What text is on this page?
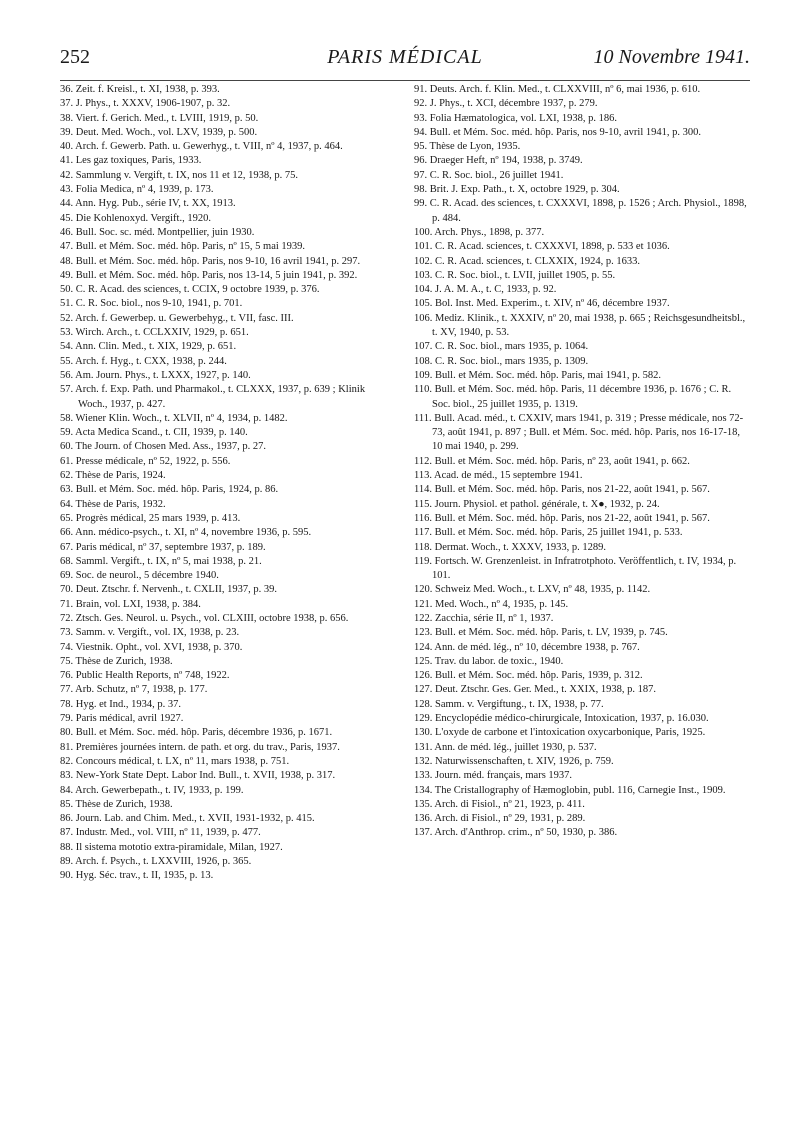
252	PARIS MÉDICAL	10 Novembre 1941.

36. Zeit. f. Kreisl., t. XI, 1938, p. 393.

37. J. Phys., t. XXXV, 1906-1907, p. 32.

38. Viert. f. Gerich. Med., t. LVIII, 1919, p. 50.

39. Deut. Med. Woch., vol. LXV, 1939, p. 500.

40. Arch. f. Gewerb. Path. u. Gewerhyg., t. VIII, nº 4, 1937, p. 464.

41. Les gaz toxiques, Paris, 1933.

42. Sammlung v. Vergift, t. IX, nos 11 et 12, 1938, p. 75.

43. Folia Medica, nº 4, 1939, p. 173.

44. Ann. Hyg. Pub., série IV, t. XX, 1913.

45. Die Kohlenoxyd. Vergift., 1920.

46. Bull. Soc. sc. méd. Montpellier, juin 1930.

47. Bull. et Mém. Soc. méd. hôp. Paris, nº 15, 5 mai 1939.

48. Bull. et Mém. Soc. méd. hôp. Paris, nos 9-10, 16 avril 1941, p. 297.

49. Bull. et Mém. Soc. méd. hôp. Paris, nos 13-14, 5 juin 1941, p. 392.

50. C. R. Acad. des sciences, t. CCIX, 9 octobre 1939, p. 376.

51. C. R. Soc. biol., nos 9-10, 1941, p. 701.

52. Arch. f. Gewerbep. u. Gewerbehyg., t. VII, fasc. III.

53. Wirch. Arch., t. CCLXXIV, 1929, p. 651.

54. Ann. Clin. Med., t. XIX, 1929, p. 651.

55. Arch. f. Hyg., t. CXX, 1938, p. 244.

56. Am. Journ. Phys., t. LXXX, 1927, p. 140.

57. Arch. f. Exp. Path. und Pharmakol., t. CLXXX, 1937, p. 639 ; Klinik Woch., 1937, p. 427.

58. Wiener Klin. Woch., t. XLVII, nº 4, 1934, p. 1482.

59. Acta Medica Scand., t. CII, 1939, p. 140.

60. The Journ. of Chosen Med. Ass., 1937, p. 27.

61. Presse médicale, nº 52, 1922, p. 556.

62. Thèse de Paris, 1924.

63. Bull. et Mém. Soc. méd. hôp. Paris, 1924, p. 86.

64. Thèse de Paris, 1932.

65. Progrès médical, 25 mars 1939, p. 413.

66. Ann. médico-psych., t. XI, nº 4, novembre 1936, p. 595.

67. Paris médical, nº 37, septembre 1937, p. 189.

68. Samml. Vergift., t. IX, nº 5, mai 1938, p. 21.

69. Soc. de neurol., 5 décembre 1940.

70. Deut. Ztschr. f. Nervenh., t. CXLII, 1937, p. 39.

71. Brain, vol. LXI, 1938, p. 384.

72. Ztsch. Ges. Neurol. u. Psych., vol. CLXIII, octobre 1938, p. 656.

73. Samm. v. Vergift., vol. IX, 1938, p. 23.

74. Viestnik. Opht., vol. XVI, 1938, p. 370.

75. Thèse de Zurich, 1938.

76. Public Health Reports, nº 748, 1922.

77. Arb. Schutz, nº 7, 1938, p. 177.

78. Hyg. et Ind., 1934, p. 37.

79. Paris médical, avril 1927.

80. Bull. et Mém. Soc. méd. hôp. Paris, décembre 1936, p. 1671.

81. Premières journées intern. de path. et org. du trav., Paris, 1937.

82. Concours médical, t. LX, nº 11, mars 1938, p. 751.

83. New-York State Dept. Labor Ind. Bull., t. XVII, 1938, p. 317.

84. Arch. Gewerbepath., t. IV, 1933, p. 199.

85. Thèse de Zurich, 1938.

86. Journ. Lab. and Chim. Med., t. XVII, 1931-1932, p. 415.

87. Industr. Med., vol. VIII, nº 11, 1939, p. 477.

88. Il sistema mototio extra-piramidale, Milan, 1927.

89. Arch. f. Psych., t. LXXVIII, 1926, p. 365.

90. Hyg. Séc. trav., t. II, 1935, p. 13.

91. Deuts. Arch. f. Klin. Med., t. CLXXVIII, nº 6, mai 1936, p. 610.

92. J. Phys., t. XCI, décembre 1937, p. 279.

93. Folia Hæmatologica, vol. LXI, 1938, p. 186.

94. Bull. et Mém. Soc. méd. hôp. Paris, nos 9-10, avril 1941, p. 300.

95. Thèse de Lyon, 1935.

96. Draeger Heft, nº 194, 1938, p. 3749.

97. C. R. Soc. biol., 26 juillet 1941.

98. Brit. J. Exp. Path., t. X, octobre 1929, p. 304.

99. C. R. Acad. des sciences, t. CXXXVI, 1898, p. 1526 ; Arch. Physiol., 1898, p. 484.

100. Arch. Phys., 1898, p. 377.

101. C. R. Acad. sciences, t. CXXXVI, 1898, p. 533 et 1036.

102. C. R. Acad. sciences, t. CLXXIX, 1924, p. 1633.

103. C. R. Soc. biol., t. LVII, juillet 1905, p. 55.

104. J. A. M. A., t. C, 1933, p. 92.

105. Bol. Inst. Med. Experim., t. XIV, nº 46, décembre 1937.

106. Mediz. Klinik., t. XXXIV, nº 20, mai 1938, p. 665 ; Reichsgesundheitsbl., t. XV, 1940, p. 53.

107. C. R. Soc. biol., mars 1935, p. 1064.

108. C. R. Soc. biol., mars 1935, p. 1309.

109. Bull. et Mém. Soc. méd. hôp. Paris, mai 1941, p. 582.

110. Bull. et Mém. Soc. méd. hôp. Paris, 11 décembre 1936, p. 1676 ; C. R. Soc. biol., 25 juillet 1935, p. 1319.

111. Bull. Acad. méd., t. CXXIV, mars 1941, p. 319 ; Presse médicale, nos 72-73, août 1941, p. 897 ; Bull. et Mém. Soc. méd. hôp. Paris, nos 16-17-18, 10 mai 1940, p. 299.

112. Bull. et Mém. Soc. méd. hôp. Paris, nº 23, août 1941, p. 662.

113. Acad. de méd., 15 septembre 1941.

114. Bull. et Mém. Soc. méd. hôp. Paris, nos 21-22, août 1941, p. 567.

115. Journ. Physiol. et pathol. générale, t. X●, 1932, p. 24.

116. Bull. et Mém. Soc. méd. hôp. Paris, nos 21-22, août 1941, p. 567.

117. Bull. et Mém. Soc. méd. hôp. Paris, 25 juillet 1941, p. 533.

118. Dermat. Woch., t. XXXV, 1933, p. 1289.

119. Fortsch. W. Grenzenleist. in Infratrotphoto. Veröffentlich, t. IV, 1934, p. 101.

120. Schweiz Med. Woch., t. LXV, nº 48, 1935, p. 1142.

121. Med. Woch., nº 4, 1935, p. 145.

122. Zacchia, série II, nº 1, 1937.

123. Bull. et Mém. Soc. méd. hôp. Paris, t. LV, 1939, p. 745.

124. Ann. de méd. lég., nº 10, décembre 1938, p. 767.

125. Trav. du labor. de toxic., 1940.

126. Bull. et Mém. Soc. méd. hôp. Paris, 1939, p. 312.

127. Deut. Ztschr. Ges. Ger. Med., t. XXIX, 1938, p. 187.

128. Samm. v. Vergiftung., t. IX, 1938, p. 77.

129. Encyclopédie médico-chirurgicale, Intoxication, 1937, p. 16.030.

130. L'oxyde de carbone et l'intoxication oxycarbonique, Paris, 1925.

131. Ann. de méd. lég., juillet 1930, p. 537.

132. Naturwissenschaften, t. XIV, 1926, p. 759.

133. Journ. méd. français, mars 1937.

134. The Cristallography of Hæmoglobin, publ. 116, Carnegie Inst., 1909.

135. Arch. di Fisiol., nº 21, 1923, p. 411.

136. Arch. di Fisiol., nº 29, 1931, p. 289.

137. Arch. d'Anthrop. crim., nº 50, 1930, p. 386.
